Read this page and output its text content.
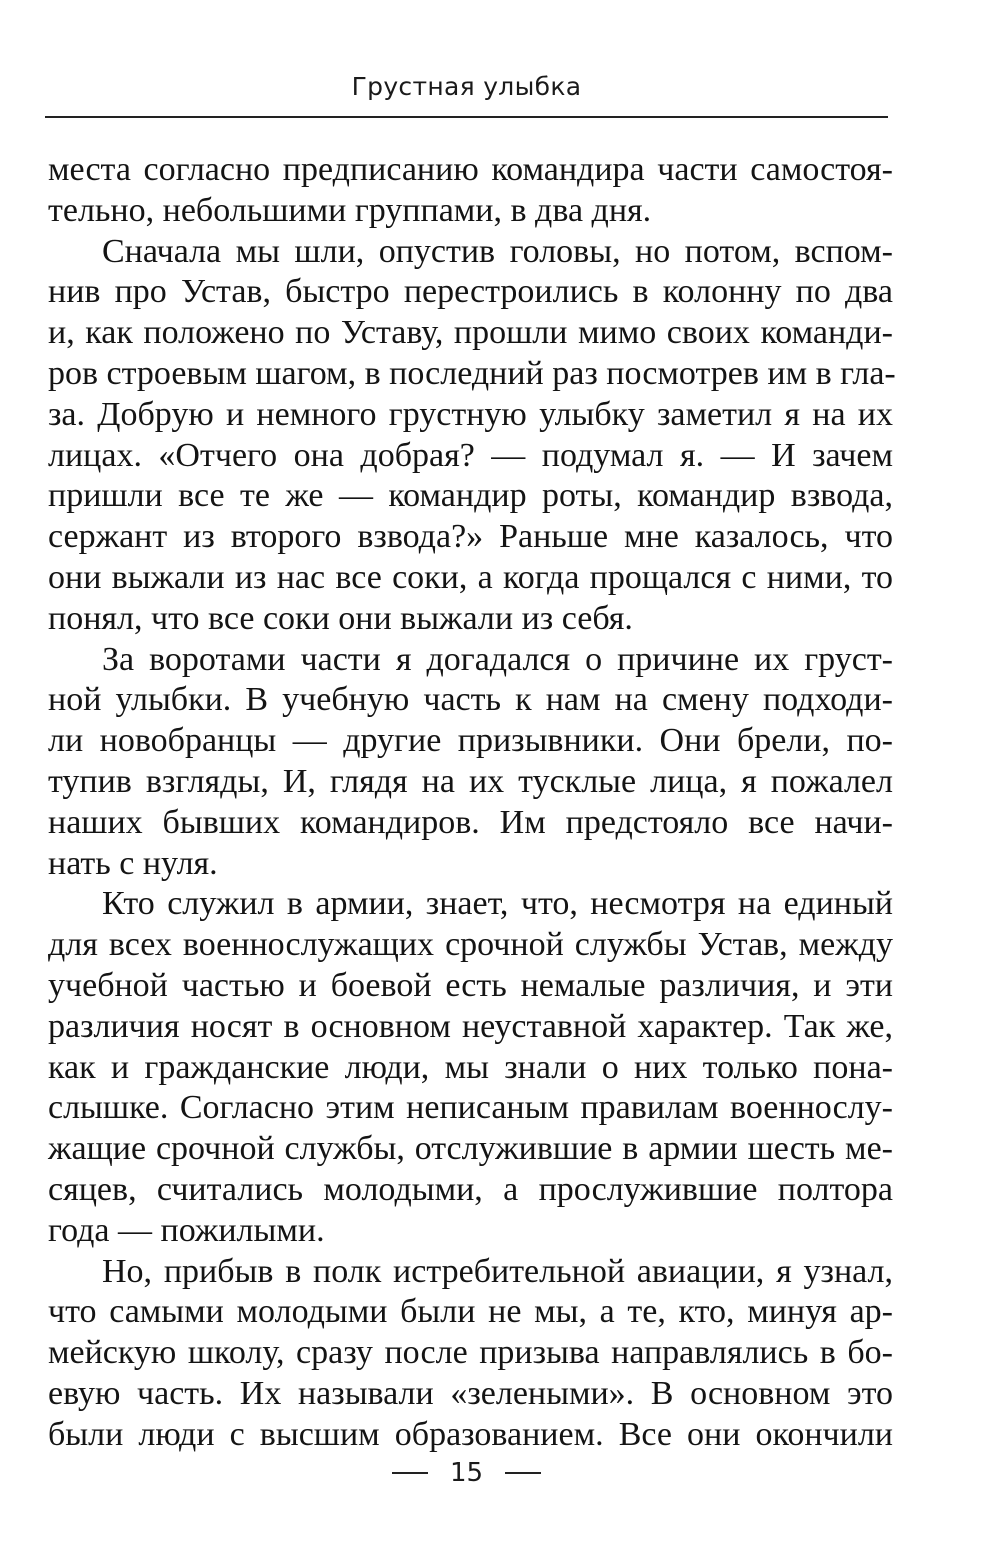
Грустная улыбка
места согласно предписанию командира части самостоя-
тельно, небольшими группами, в два дня.
Сначала мы шли, опустив головы, но потом, вспом-
нив про Устав, быстро перестроились в колонну по два
и, как положено по Уставу, прошли мимо своих команди-
ров строевым шагом, в последний раз посмотрев им в гла-
за. Добрую и немного грустную улыбку заметил я на их
лицах. «Отчего она добрая? — подумал я. — И зачем
пришли все те же — командир роты, командир взвода,
сержант из второго взвода?» Раньше мне казалось, что
они выжали из нас все соки, а когда прощался с ними, то
понял, что все соки они выжали из себя.
За воротами части я догадался о причине их груст-
ной улыбки. В учебную часть к нам на смену подходи-
ли новобранцы — другие призывники. Они брели, по-
тупив взгляды, И, глядя на их тусклые лица, я пожалел
наших бывших командиров. Им предстояло все начи-
нать с нуля.
Кто служил в армии, знает, что, несмотря на единый
для всех военнослужащих срочной службы Устав, между
учебной частью и боевой есть немалые различия, и эти
различия носят в основном неуставной характер. Так же,
как и гражданские люди, мы знали о них только пона-
слышке. Согласно этим неписаным правилам военнослу-
жащие срочной службы, отслужившие в армии шесть ме-
сяцев, считались молодыми, а прослужившие полтора
года — пожилыми.
Но, прибыв в полк истребительной авиации, я узнал,
что самыми молодыми были не мы, а те, кто, минуя ар-
мейскую школу, сразу после призыва направлялись в бо-
евую часть. Их называли «зелеными». В основном это
были люди с высшим образованием. Все они окончили
15
